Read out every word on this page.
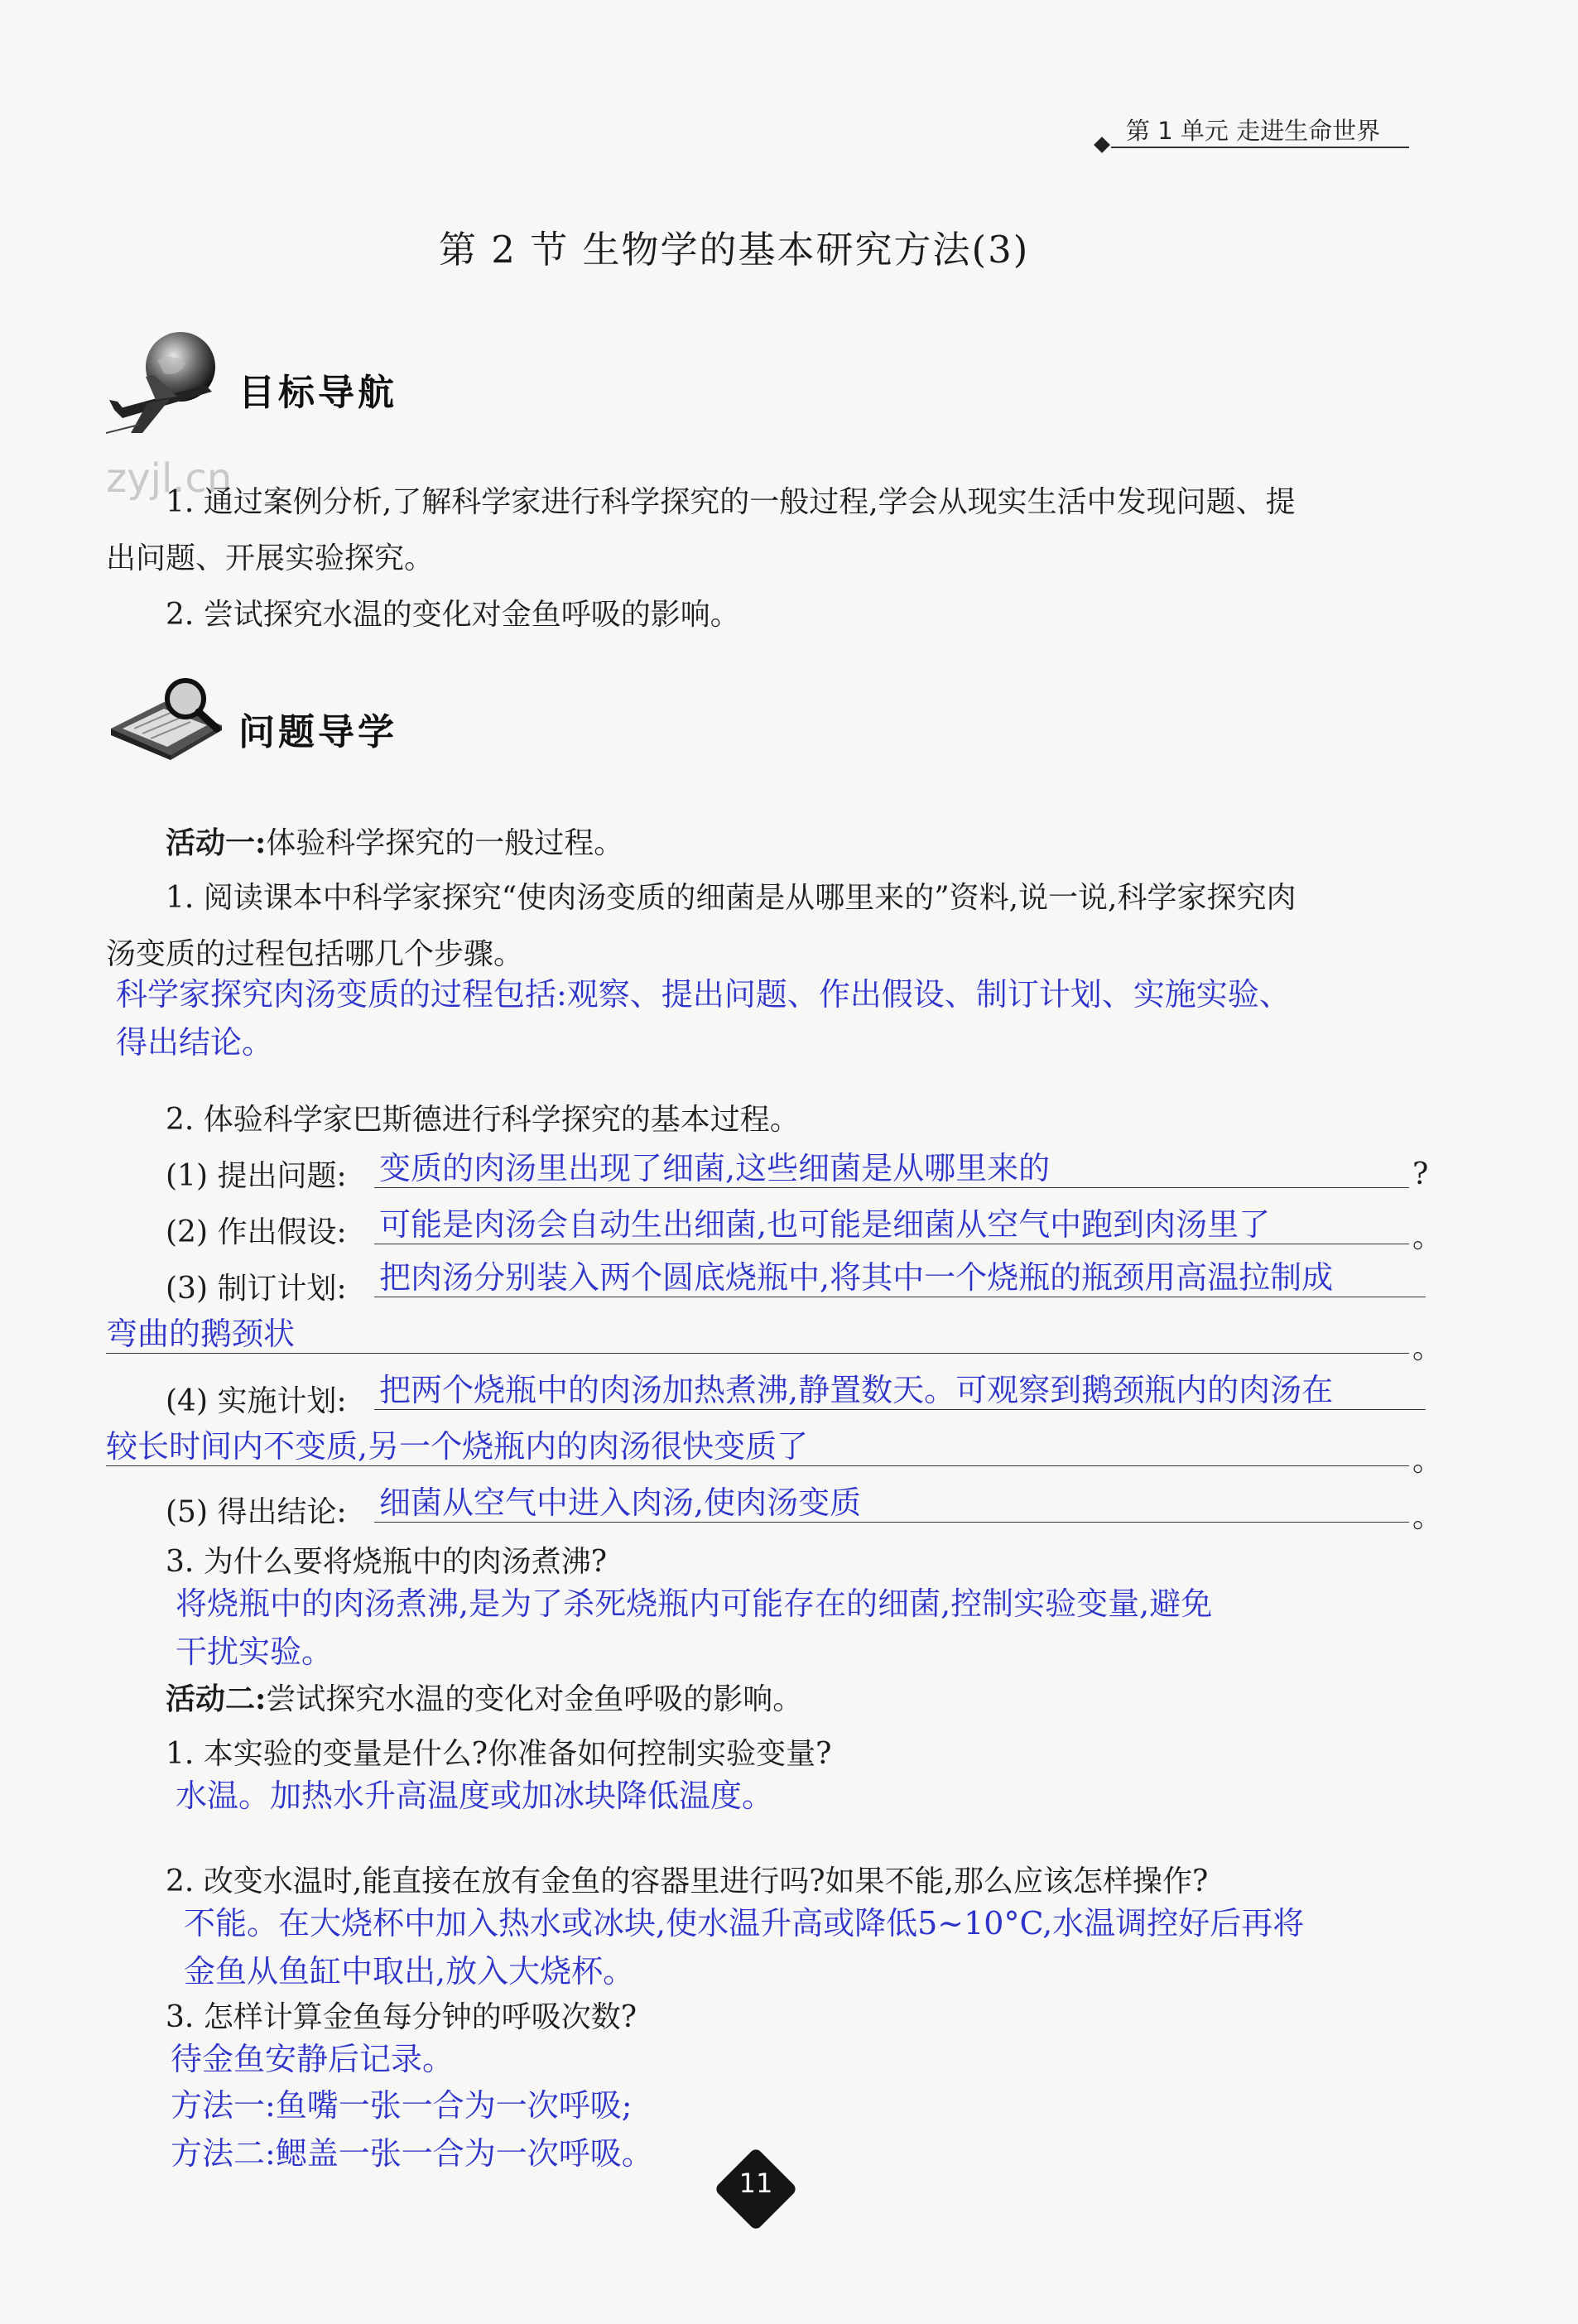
第 1 单元 走进生命世界
第 2 节 生物学的基本研究方法(3)
目标导航
zyjl.cn
1. 通过案例分析,了解科学家进行科学探究的一般过程,学会从现实生活中发现问题、提
出问题、开展实验探究。
2. 尝试探究水温的变化对金鱼呼吸的影响。
问题导学
活动一:体验科学探究的一般过程。
1. 阅读课本中科学家探究“使肉汤变质的细菌是从哪里来的”资料,说一说,科学家探究肉
汤变质的过程包括哪几个步骤。
科学家探究肉汤变质的过程包括:观察、提出问题、作出假设、制订计划、实施实验、
得出结论。
2. 体验科学家巴斯德进行科学探究的基本过程。
(1) 提出问题: 变质的肉汤里出现了细菌,这些细菌是从哪里来的	?
(2) 作出假设: 可能是肉汤会自动生出细菌,也可能是细菌从空气中跑到肉汤里了	。
(3) 制订计划: 把肉汤分别装入两个圆底烧瓶中,将其中一个烧瓶的瓶颈用高温拉制成
弯曲的鹅颈状	。
(4) 实施计划: 把两个烧瓶中的肉汤加热煮沸,静置数天。可观察到鹅颈瓶内的肉汤在
较长时间内不变质,另一个烧瓶内的肉汤很快变质了	。
(5) 得出结论: 细菌从空气中进入肉汤,使肉汤变质	。
3. 为什么要将烧瓶中的肉汤煮沸?
将烧瓶中的肉汤煮沸,是为了杀死烧瓶内可能存在的细菌,控制实验变量,避免
干扰实验。
活动二:尝试探究水温的变化对金鱼呼吸的影响。
1. 本实验的变量是什么?你准备如何控制实验变量?
水温。加热水升高温度或加冰块降低温度。
2. 改变水温时,能直接在放有金鱼的容器里进行吗?如果不能,那么应该怎样操作?
不能。在大烧杯中加入热水或冰块,使水温升高或降低5~10°C,水温调控好后再将
金鱼从鱼缸中取出,放入大烧杯。
3. 怎样计算金鱼每分钟的呼吸次数?
待金鱼安静后记录。
方法一:鱼嘴一张一合为一次呼吸;
方法二:鳃盖一张一合为一次呼吸。
11
